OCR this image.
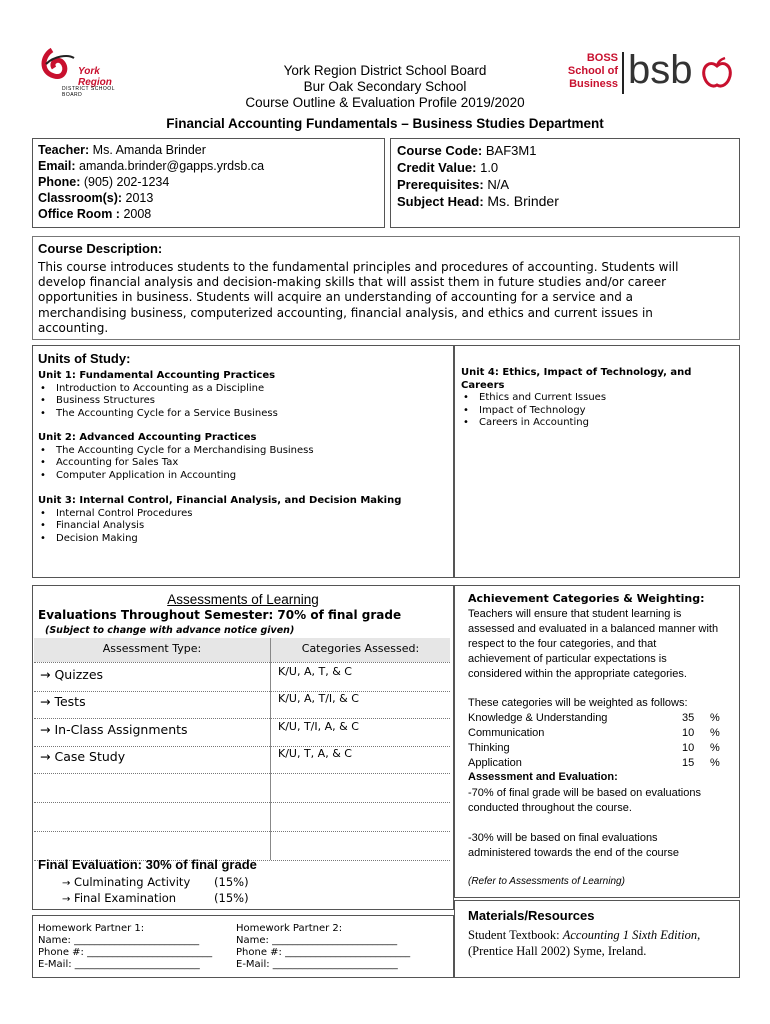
York Region
DISTRICT SCHOOL BOARD
York Region District School Board
Bur Oak Secondary School
Course Outline & Evaluation Profile 2019/2020
Financial Accounting Fundamentals – Business Studies Department
BOSS
School of
Business bsb
Teacher: Ms. Amanda Brinder
Email: amanda.brinder@gapps.yrdsb.ca
Phone: (905) 202-1234
Classroom(s): 2013
Office Room : 2008
Course Code: BAF3M1
Credit Value: 1.0
Prerequisites: N/A
Subject Head: Ms. Brinder
Course Description:
This course introduces students to the fundamental principles and procedures of accounting. Students will
develop financial analysis and decision-making skills that will assist them in future studies and/or career
opportunities in business. Students will acquire an understanding of accounting for a service and a
merchandising business, computerized accounting, financial analysis, and ethics and current issues in
accounting.
Units of Study:
Unit 1: Fundamental Accounting Practices
• Introduction to Accounting as a Discipline
• Business Structures
• The Accounting Cycle for a Service Business
Unit 2: Advanced Accounting Practices
• The Accounting Cycle for a Merchandising Business
• Accounting for Sales Tax
• Computer Application in Accounting
Unit 3: Internal Control, Financial Analysis, and Decision Making
• Internal Control Procedures
• Financial Analysis
• Decision Making
Unit 4: Ethics, Impact of Technology, and
Careers
• Ethics and Current Issues
• Impact of Technology
• Careers in Accounting
Assessments of Learning
Evaluations Throughout Semester: 70% of final grade
(Subject to change with advance notice given)
Assessment Type:	Categories Assessed:
→ Quizzes	K/U, A, T, & C
→ Tests	K/U, A, T/I, & C
→ In-Class Assignments	K/U, T/I, A, & C
→ Case Study	K/U, T, A, & C
Final Evaluation: 30% of final grade
→ Culminating Activity (15%)
→ Final Examination	(15%)
Achievement Categories & Weighting:
Teachers will ensure that student learning is
assessed and evaluated in a balanced manner with
respect to the four categories, and that
achievement of particular expectations is
considered within the appropriate categories.
These categories will be weighted as follows:
Knowledge & Understanding	35 %
Communication	10 %
Thinking	10 %
Application	15 %
Assessment and Evaluation:
-70% of final grade will be based on evaluations
conducted throughout the course.
-30% will be based on final evaluations
administered towards the end of the course
(Refer to Assessments of Learning)
Homework Partner 1:
Name: _________________________
Phone #: _________________________
E-Mail: _________________________
Homework Partner 2:
Name: _________________________
Phone #: _________________________
E-Mail: _________________________
Materials/Resources
Student Textbook: Accounting 1 Sixth Edition,
(Prentice Hall 2002) Syme, Ireland.
